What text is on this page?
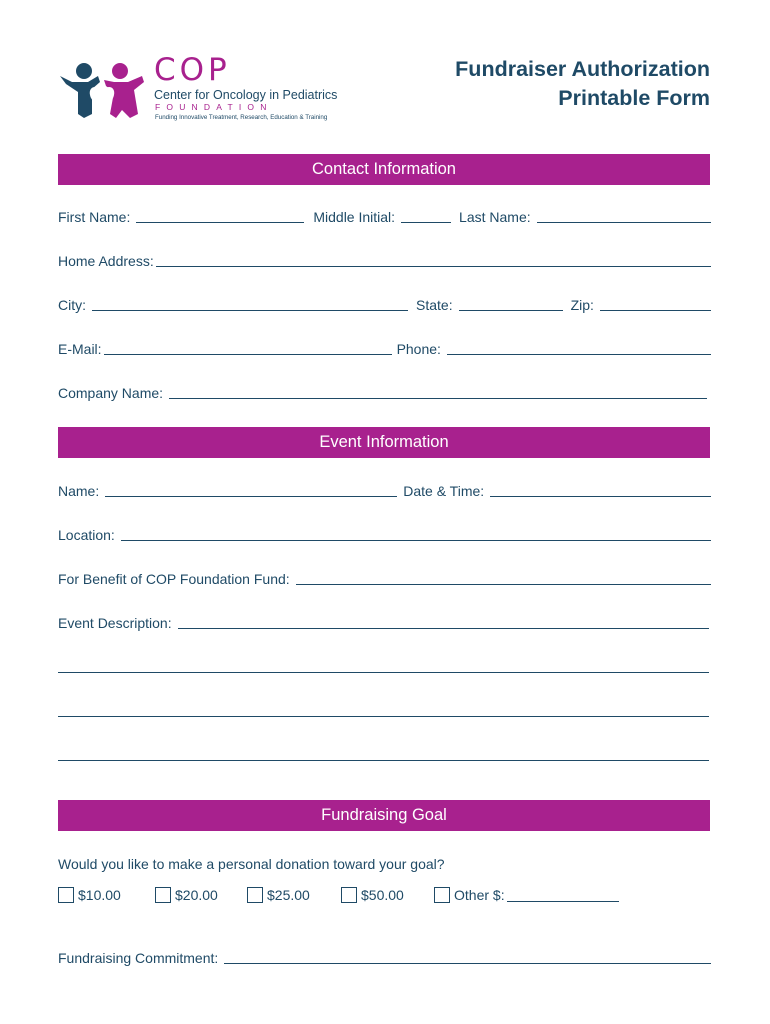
COP
Center for Oncology in Pediatrics
FOUNDATION
Funding Innovative Treatment, Research, Education & Training
Fundraiser Authorization
Printable Form
Contact Information
First Name:	Middle Initial:	Last Name:
Home Address:
City:	State:	Zip:
E-Mail:	Phone:
Company Name:
Event Information
Name:	Date & Time:
Location:
For Benefit of COP Foundation Fund:
Event Description:
Fundraising Goal
Would you like to make a personal donation toward your goal?
$10.00	$20.00	$25.00	$50.00	Other $:
Fundraising Commitment:
